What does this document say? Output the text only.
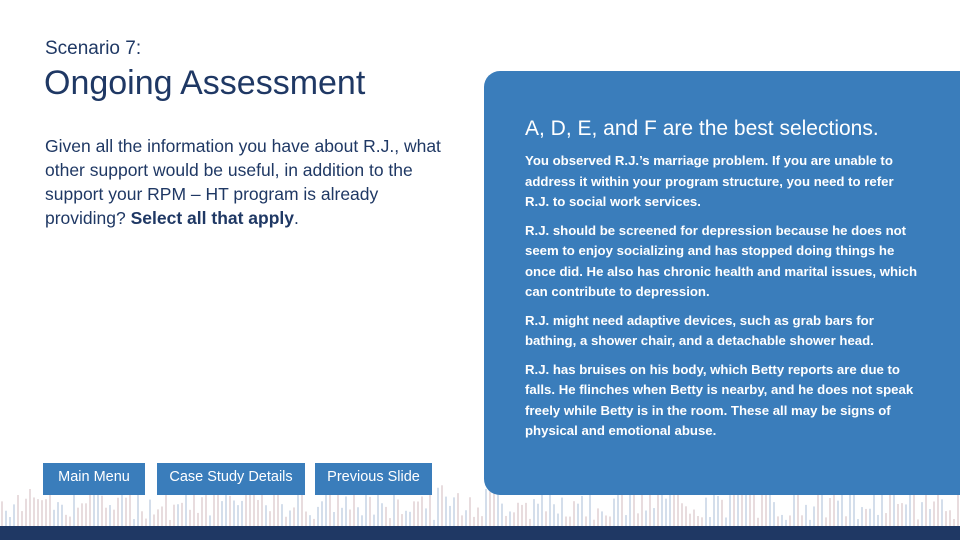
Scenario 7:
Ongoing Assessment
Given all the information you have about R.J., what other support would be useful, in addition to the support your RPM – HT program is already providing? Select all that apply.
A, D, E, and F are the best selections.

You observed R.J.’s marriage problem. If you are unable to address it within your program structure, you need to refer R.J. to social work services.

R.J. should be screened for depression because he does not seem to enjoy socializing and has stopped doing things he once did. He also has chronic health and marital issues, which can contribute to depression.

R.J. might need adaptive devices, such as grab bars for bathing, a shower chair, and a detachable shower head.

R.J. has bruises on his body, which Betty reports are due to falls. He flinches when Betty is nearby, and he does not speak freely while Betty is in the room. These all may be signs of physical and emotional abuse.

Main Menu	Case Study Details	Previous Slide
